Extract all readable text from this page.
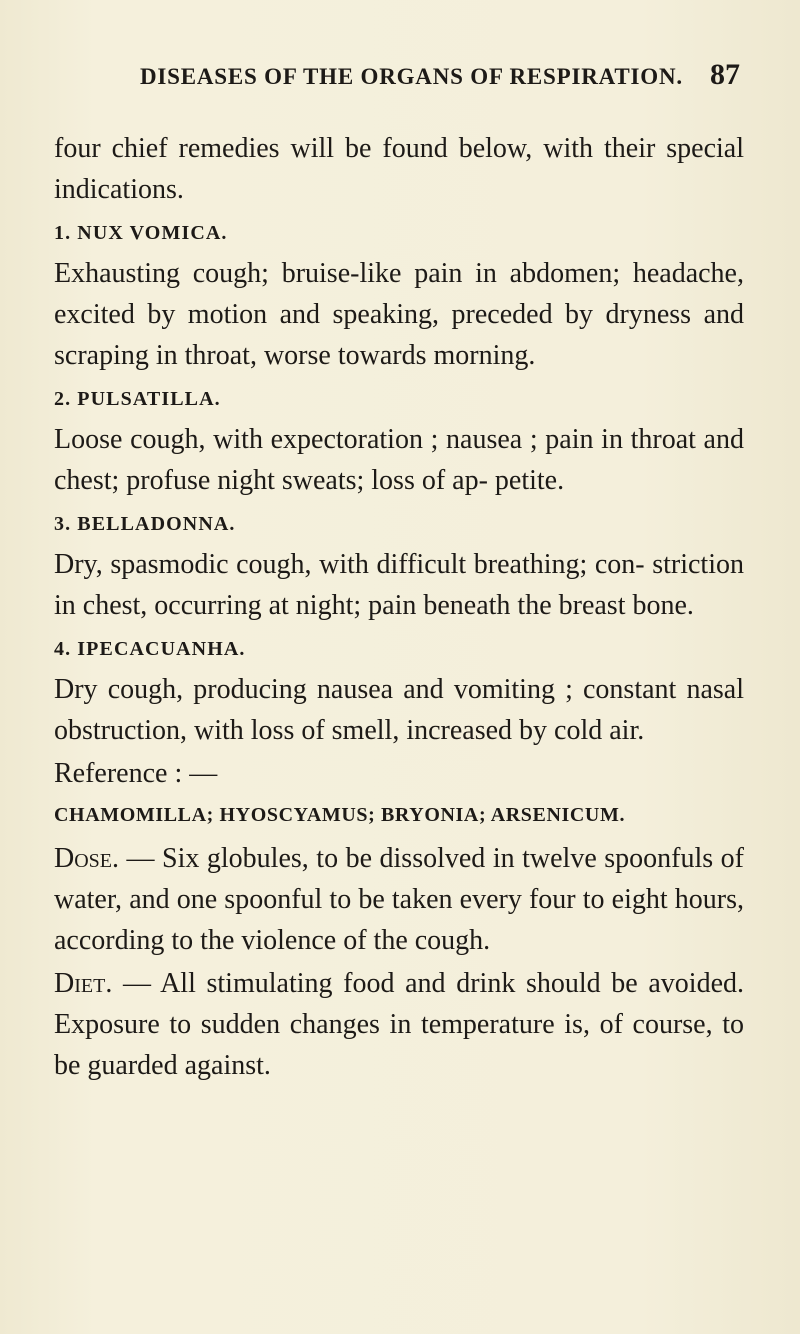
DISEASES OF THE ORGANS OF RESPIRATION. 87

four chief remedies will be found below, with their special indications.

1. NUX VOMICA.

Exhausting cough; bruise-like pain in abdomen; headache, excited by motion and speaking, preceded by dryness and scraping in throat, worse towards morning.

2. PULSATILLA.

Loose cough, with expectoration ; nausea ; pain in throat and chest; profuse night sweats; loss of ap- petite.

3. BELLADONNA.

Dry, spasmodic cough, with difficult breathing; con- striction in chest, occurring at night; pain beneath the breast bone.

4. IPECACUANHA.

Dry cough, producing nausea and vomiting ; constant nasal obstruction, with loss of smell, increased by cold air.

Reference : —

CHAMOMILLA; HYOSCYAMUS; BRYONIA; ARSENICUM.

Dose. — Six globules, to be dissolved in twelve spoonfuls of water, and one spoonful to be taken every four to eight hours, according to the violence of the cough.

Diet. — All stimulating food and drink should be avoided. Exposure to sudden changes in temperature is, of course, to be guarded against.
